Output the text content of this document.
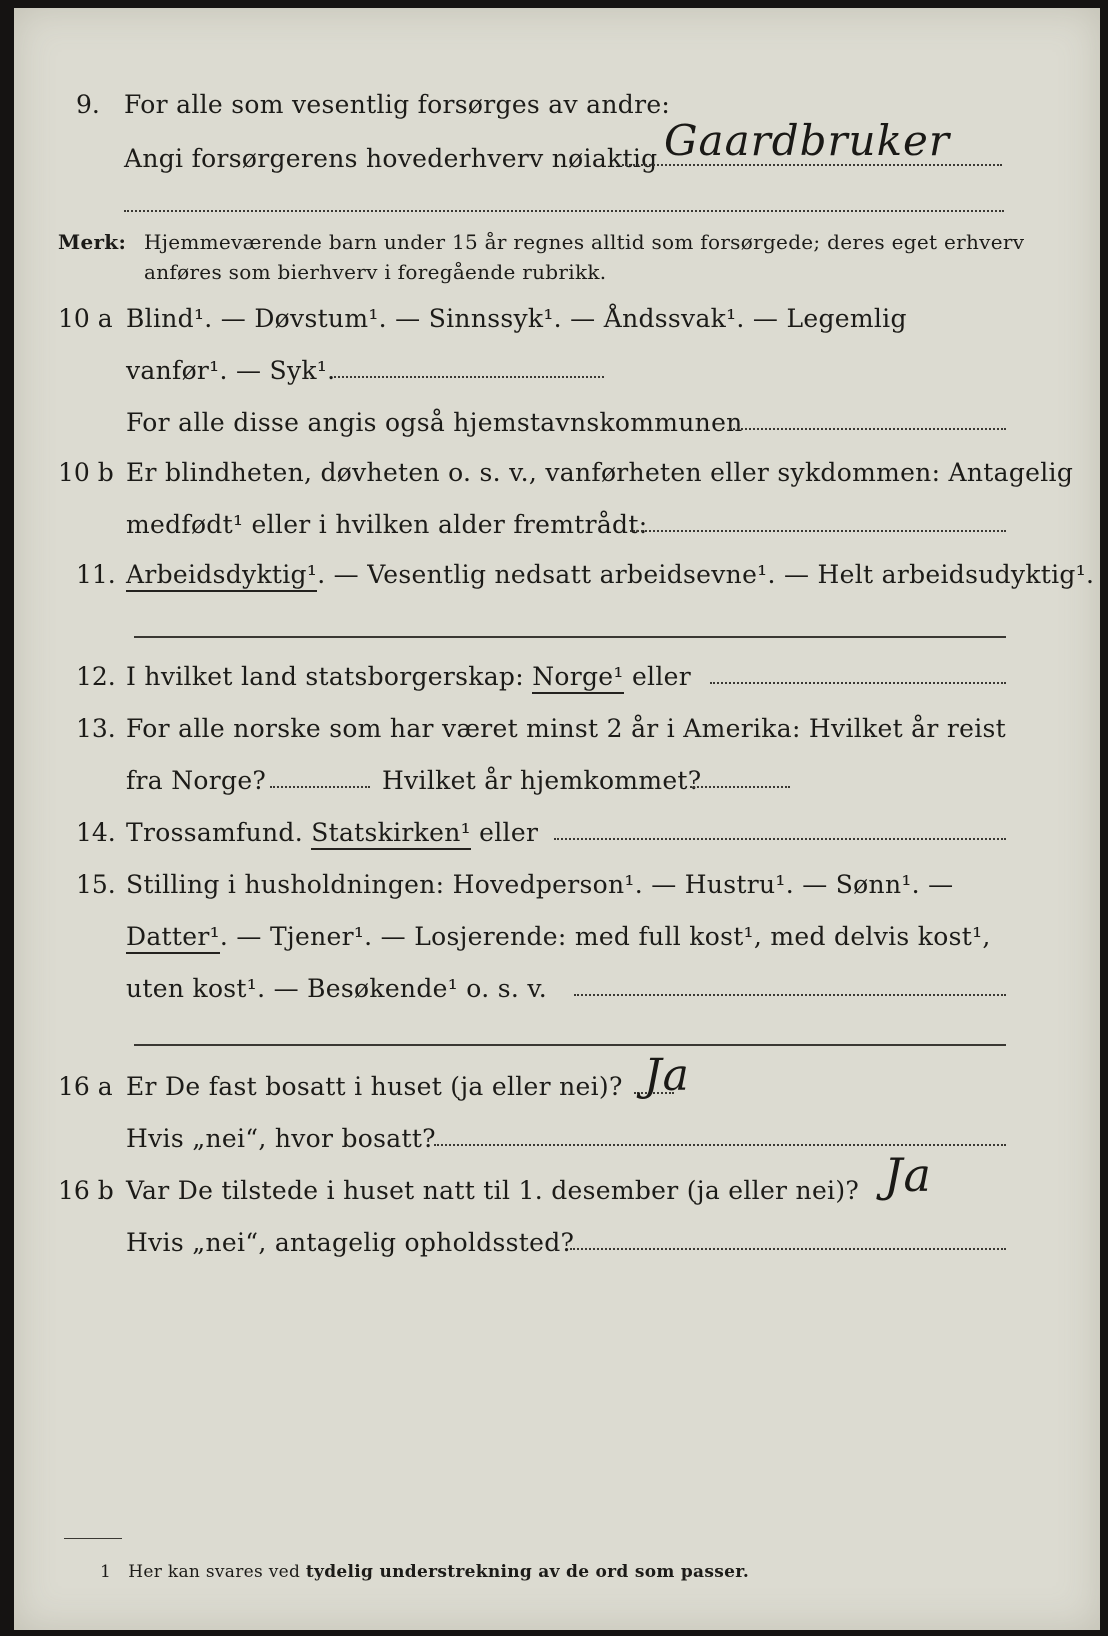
9. For alle som vesentlig forsørges av andre:
Angi forsørgerens hovederhverv nøiaktig Gaardbruker
Merk: Hjemmeværende barn under 15 år regnes alltid som forsørgede; deres eget erhverv
anføres som bierhverv i foregående rubrikk.
10 a Blind¹. — Døvstum¹. — Sinnssyk¹. — Åndssvak¹. — Legemlig
vanfør¹. — Syk¹.
For alle disse angis også hjemstavnskommunen
10 b Er blindheten, døvheten o. s. v., vanførheten eller sykdommen: Antagelig
medfødt¹ eller i hvilken alder fremtrådt:
11. Arbeidsdyktig¹. — Vesentlig nedsatt arbeidsevne¹. — Helt arbeidsudyktig¹.
12. I hvilket land statsborgerskap: Norge¹ eller
13. For alle norske som har været minst 2 år i Amerika: Hvilket år reist
fra Norge?	Hvilket år hjemkommet?
14. Trossamfund. Statskirken¹ eller
15. Stilling i husholdningen: Hovedperson¹. — Hustru¹. — Sønn¹. —
Datter¹. — Tjener¹. — Losjerende: med full kost¹, med delvis kost¹,
uten kost¹. — Besøkende¹ o. s. v.
16 a Er De fast bosatt i huset (ja eller nei)? Ja
Hvis „nei“, hvor bosatt?
16 b Var De tilstede i huset natt til 1. desember (ja eller nei)? Ja
Hvis „nei“, antagelig opholdssted?
1 Her kan svares ved tydelig understrekning av de ord som passer.
